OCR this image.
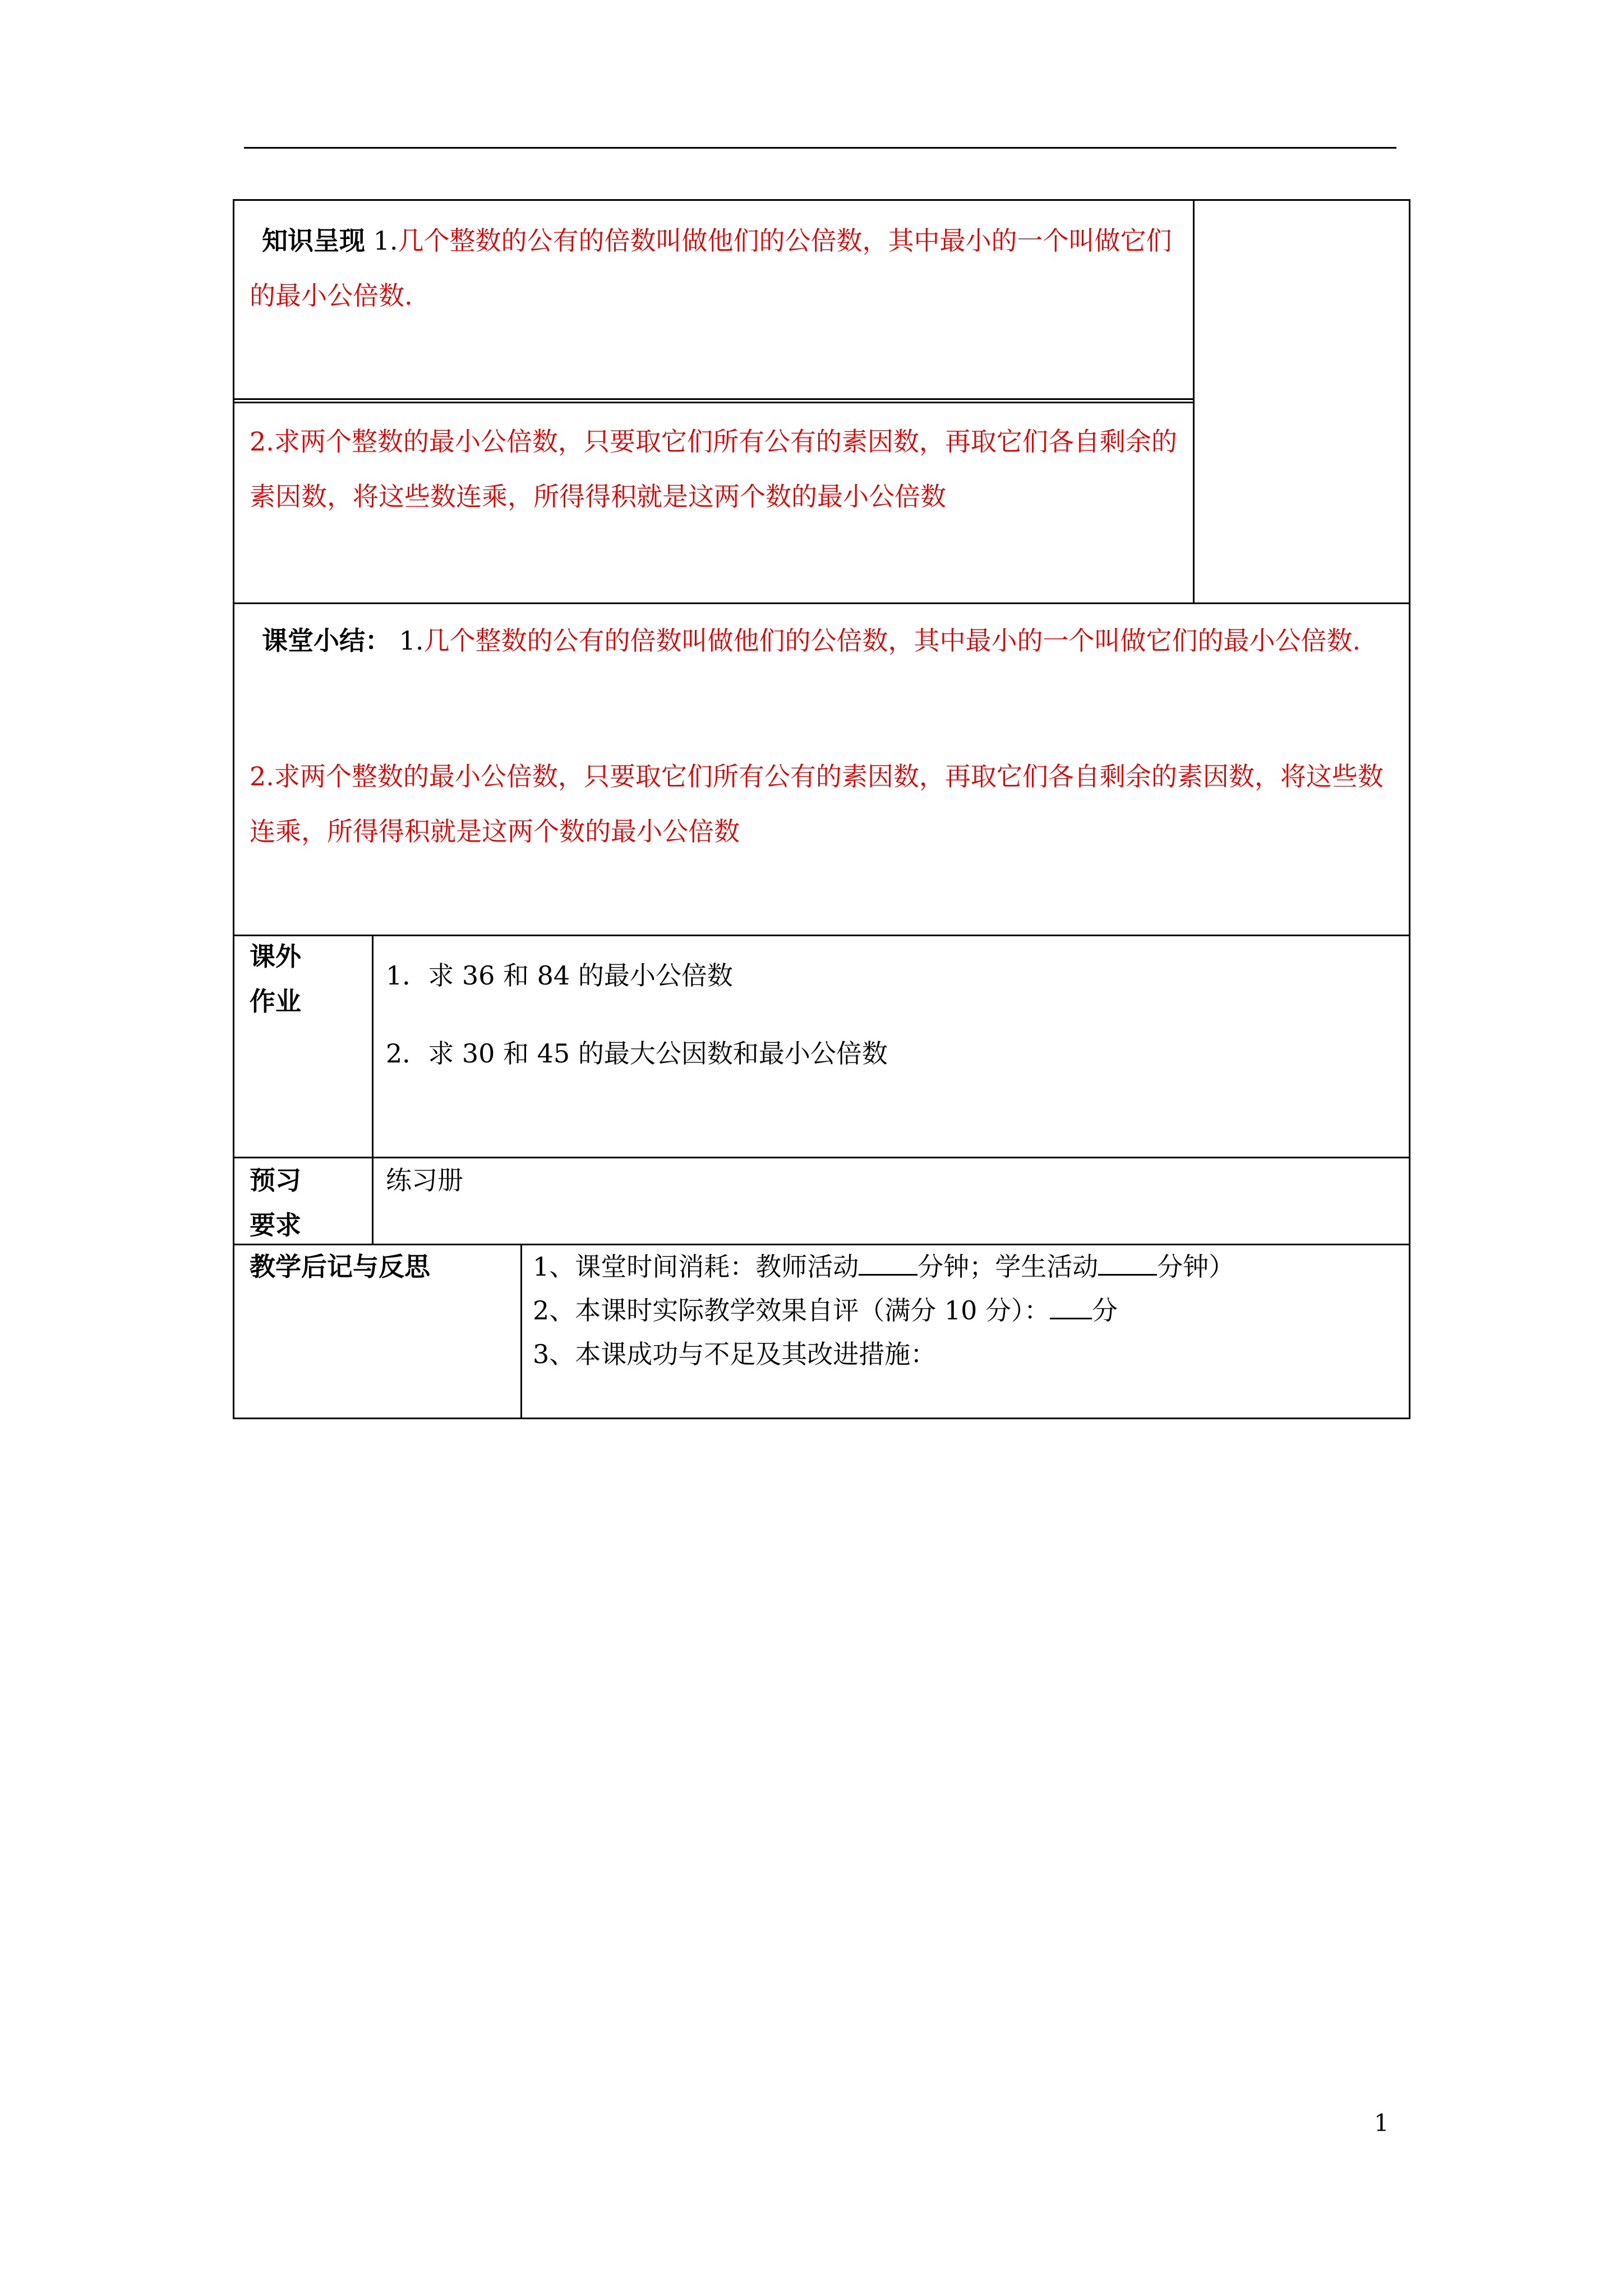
知识呈现 1.几个整数的公有的倍数叫做他们的公倍数，其中最小的一个叫做它们的最小公倍数.
2.求两个整数的最小公倍数，只要取它们所有公有的素因数，再取它们各自剩余的素因数，将这些数连乘，所得得积就是这两个数的最小公倍数
课堂小结： 1.几个整数的公有的倍数叫做他们的公倍数，其中最小的一个叫做它们的最小公倍数.
2.求两个整数的最小公倍数，只要取它们所有公有的素因数，再取它们各自剩余的素因数，将这些数连乘，所得得积就是这两个数的最小公倍数
课外
作业
1．求 36 和 84 的最小公倍数
2．求 30 和 45 的最大公因数和最小公倍数
预习
要求
练习册
教学后记与反思	1、课堂时间消耗：教师活动 分钟；学生活动 分钟）
2、本课时实际教学效果自评（满分 10 分）： 分
3、本课成功与不足及其改进措施：
1
